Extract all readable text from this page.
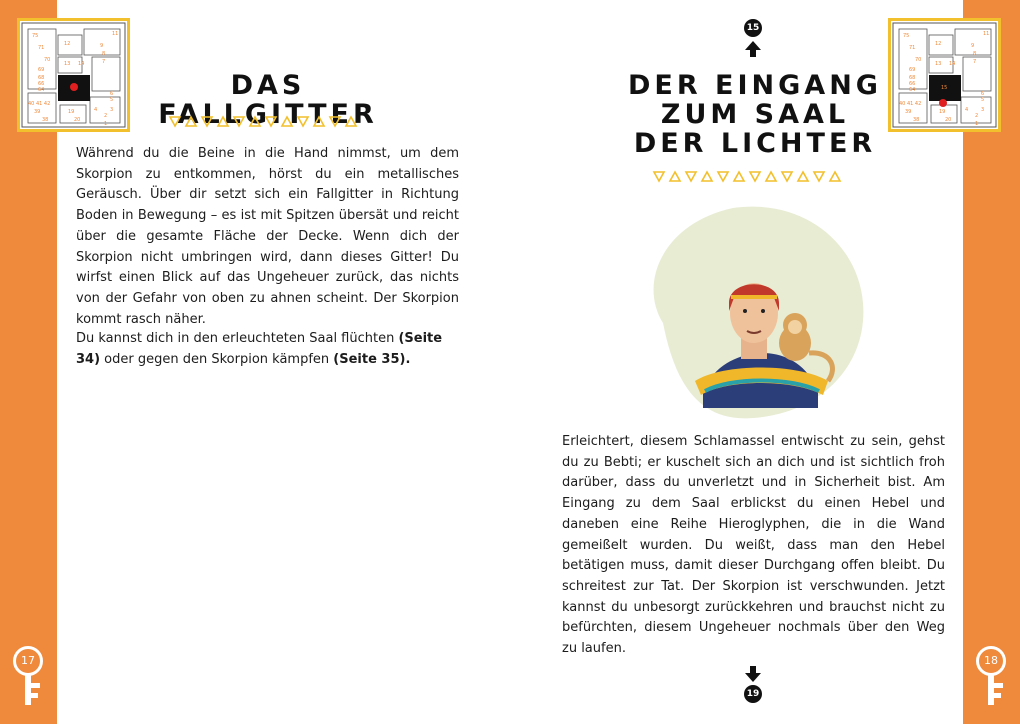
17	18
75
71
70
69
68
66
64
40 41 42
39
38
12
13 14
19
20
11
9
8
7
6
5
4	3
2
1
75
71
70
69
68
66
64
40 41 42
39
38
12
13 14
15
19
20
11
9
8
7
6
5
4	3
2
1
DAS FALLGITTER
Während du die Beine in die Hand nimmst, um dem Skorpion zu entkommen, hörst du ein metallisches Geräusch. Über dir setzt sich ein Fallgitter in Richtung Boden in Bewegung – es ist mit Spitzen übersät und reicht über die gesamte Fläche der Decke. Wenn dich der Skorpion nicht umbringen wird, dann dieses Gitter! Du wirfst einen Blick auf das Ungeheuer zurück, das nichts von der Gefahr von oben zu ahnen scheint. Der Skorpion kommt rasch näher.
Du kannst dich in den erleuchteten Saal flüchten (Seite 34) oder gegen den Skorpion kämpfen (Seite 35).
15
DER EINGANG
ZUM SAAL
DER LICHTER
Erleichtert, diesem Schlamassel entwischt zu sein, gehst du zu Bebti; er kuschelt sich an dich und ist sichtlich froh darüber, dass du unverletzt und in Sicherheit bist. Am Eingang zu dem Saal erblickst du einen Hebel und daneben eine Reihe Hieroglyphen, die in die Wand gemeißelt wurden. Du weißt, dass man den Hebel betätigen muss, damit dieser Durchgang offen bleibt. Du schreitest zur Tat. Der Skorpion ist verschwunden. Jetzt kannst du unbesorgt zurückkehren und brauchst nicht zu befürchten, diesem Ungeheuer nochmals über den Weg zu laufen.
19
